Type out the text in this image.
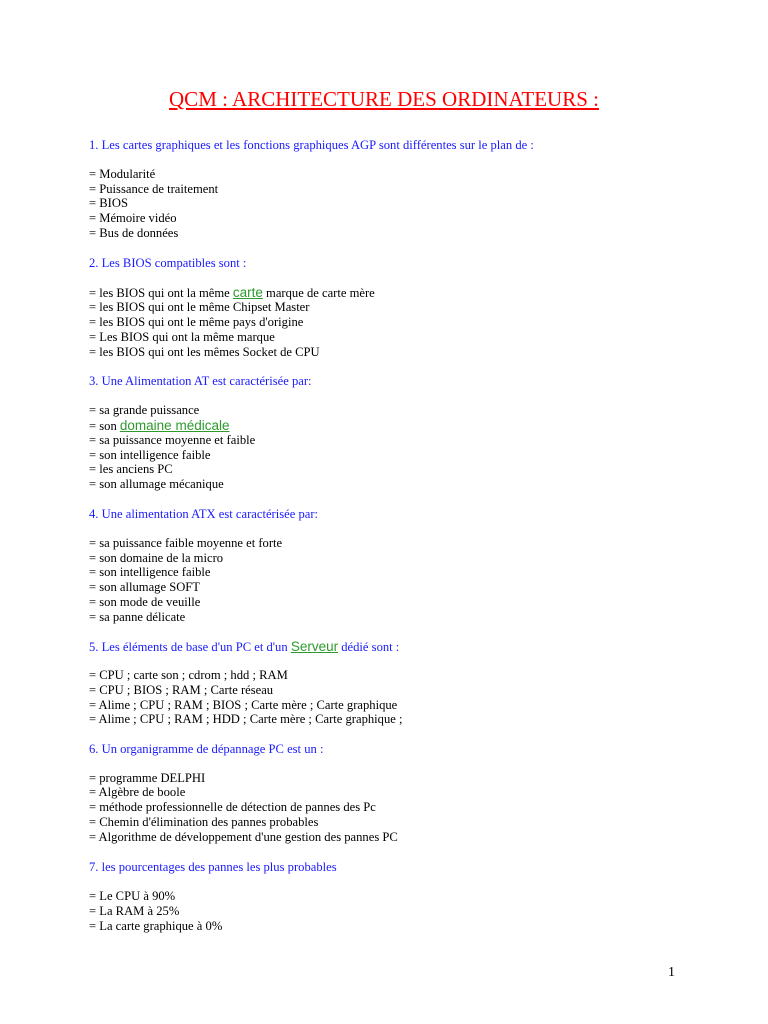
QCM : ARCHITECTURE DES ORDINATEURS :
1. Les cartes graphiques et les fonctions graphiques AGP sont différentes sur le plan de :
= Modularité
= Puissance de traitement
= BIOS
= Mémoire vidéo
= Bus de données
2. Les BIOS compatibles sont :
= les BIOS qui ont la même carte marque de carte mère
= les BIOS qui ont le même Chipset Master
= les BIOS qui ont le même pays d'origine
= Les BIOS qui ont la même marque
= les BIOS qui ont les mêmes Socket de CPU
3. Une Alimentation AT est caractérisée par:
= sa grande puissance
= son domaine médicale
= sa puissance moyenne et faible
= son intelligence faible
= les anciens PC
= son allumage mécanique
4. Une alimentation ATX est caractérisée par:
= sa puissance faible moyenne et forte
= son domaine de la micro
= son intelligence faible
= son allumage SOFT
= son mode de veuille
= sa panne délicate
5. Les éléments de base d'un PC et d'un Serveur dédié sont :
= CPU ; carte son ; cdrom ; hdd ; RAM
= CPU ; BIOS ; RAM ; Carte réseau
= Alime ; CPU ; RAM ; BIOS ; Carte mère ; Carte graphique
= Alime ; CPU ; RAM ; HDD ; Carte mère ; Carte graphique ;
6. Un organigramme de dépannage PC est un :
= programme DELPHI
= Algèbre de boole
= méthode professionnelle de détection de pannes des Pc
= Chemin d'élimination des pannes probables
= Algorithme de développement d'une gestion des pannes PC
7. les pourcentages des pannes les plus probables
= Le CPU à 90%
= La RAM à 25%
= La carte graphique à 0%
1
